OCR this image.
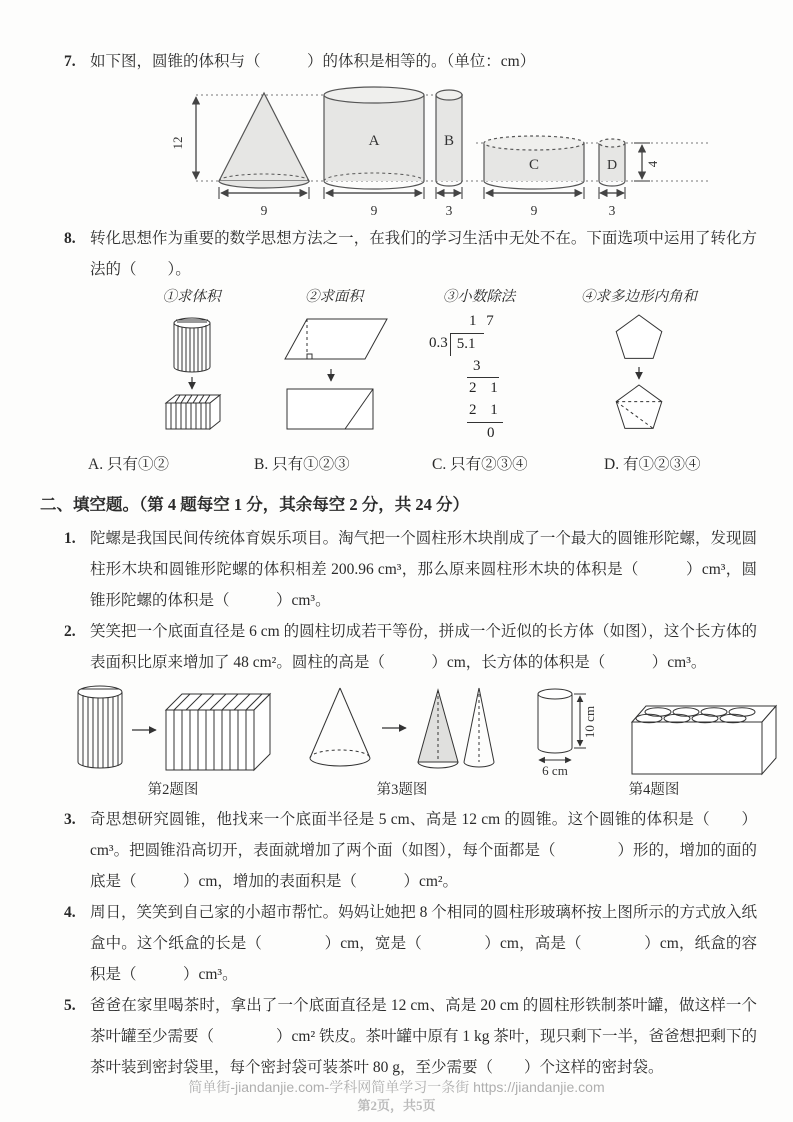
7. 如下图，圆锥的体积与（　　　）的体积是相等的。（单位：cm）
12	A	B
C	D 4
9	9	3	9	3
8. 转化思想作为重要的数学思想方法之一，在我们的学习生活中无处不在。下面选项中运用了转化方法的（　　）。
①求体积	②求面积	③小数除法
1 7
0.3 5.1
3
2 1
2 1
0
④求多边形内角和
A. 只有①②	B. 只有①②③	C. 只有②③④	D. 有①②③④
二、填空题。（第 4 题每空 1 分，其余每空 2 分，共 24 分）
1. 陀螺是我国民间传统体育娱乐项目。淘气把一个圆柱形木块削成了一个最大的圆锥形陀螺，发现圆柱形木块和圆锥形陀螺的体积相差 200.96 cm³，那么原来圆柱形木块的体积是（　　　）cm³，圆锥形陀螺的体积是（　　　）cm³。
2. 笑笑把一个底面直径是 6 cm 的圆柱切成若干等份，拼成一个近似的长方体（如图），这个长方体的表面积比原来增加了 48 cm²。圆柱的高是（　　　）cm，长方体的体积是（　　　）cm³。
第2题图	第3题图
10 cm
6 cm
第4题图
3. 奇思想研究圆锥，他找来一个底面半径是 5 cm、高是 12 cm 的圆锥。这个圆锥的体积是（　　）cm³。把圆锥沿高切开，表面就增加了两个面（如图），每个面都是（　　　　）形的，增加的面的底是（　　　）cm，增加的表面积是（　　　）cm²。
4. 周日，笑笑到自己家的小超市帮忙。妈妈让她把 8 个相同的圆柱形玻璃杯按上图所示的方式放入纸盒中。这个纸盒的长是（　　　　）cm，宽是（　　　　）cm，高是（　　　　）cm，纸盒的容积是（　　　）cm³。
5. 爸爸在家里喝茶时，拿出了一个底面直径是 12 cm、高是 20 cm 的圆柱形铁制茶叶罐，做这样一个茶叶罐至少需要（　　　　）cm² 铁皮。茶叶罐中原有 1 kg 茶叶，现只剩下一半，爸爸想把剩下的茶叶装到密封袋里，每个密封袋可装茶叶 80 g，至少需要（　　）个这样的密封袋。
简单街-jiandanjie.com-学科网简单学习一条街 https://jiandanjie.com
第2页，共5页
